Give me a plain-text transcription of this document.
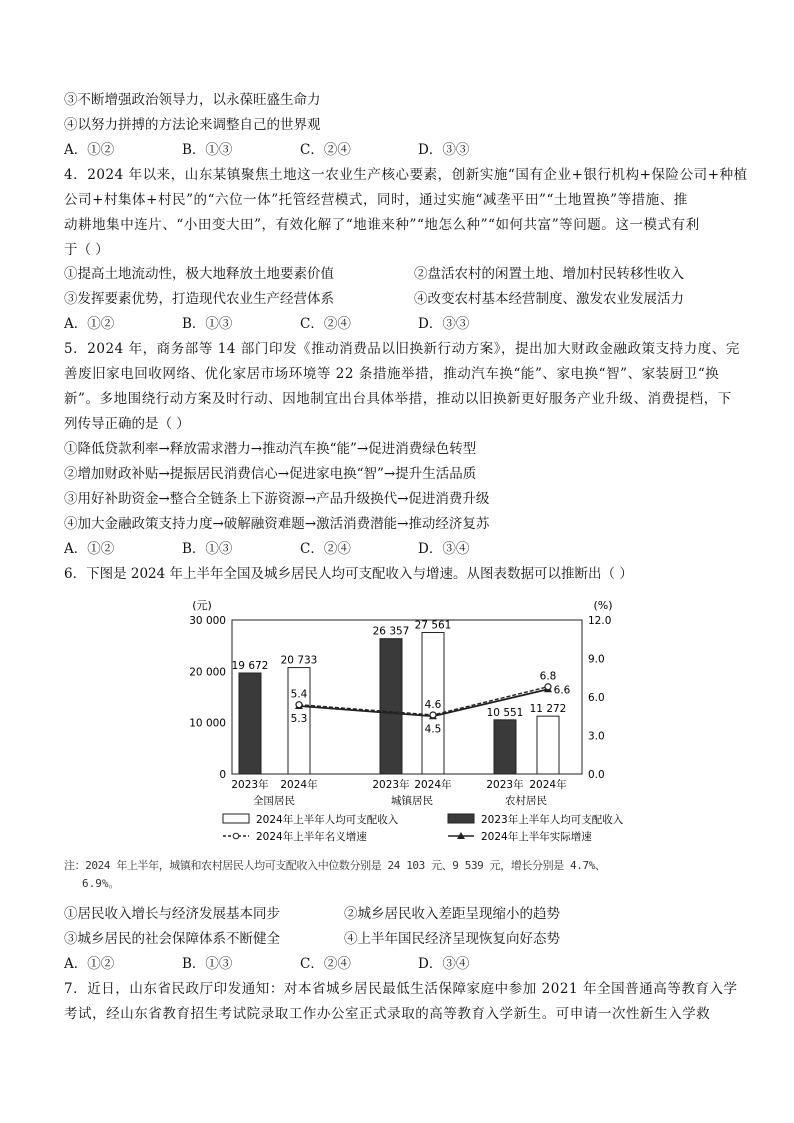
③不断增强政治领导力，以永葆旺盛生命力
④以努力拼搏的方法论来调整自己的世界观
A．①②	B．①③	C．②④	D．③③
4．2024 年以来，山东某镇聚焦土地这一农业生产核心要素，创新实施“国有企业+银行机构+保险公司+种植
公司+村集体+村民”的“六位一体”托管经营模式，同时，通过实施“减垄平田”“土地置换”等措施、推
动耕地集中连片、“小田变大田”，有效化解了“地谁来种”“地怎么种”“如何共富”等问题。这一模式有利
于（ ）
①提高土地流动性，极大地释放土地要素价值	②盘活农村的闲置土地、增加村民转移性收入
③发挥要素优势，打造现代农业生产经营体系	④改变农村基本经营制度、激发农业发展活力
A．①②	B．①③	C．②④	D．③③
5．2024 年，商务部等 14 部门印发《推动消费品以旧换新行动方案》，提出加大财政金融政策支持力度、完
善废旧家电回收网络、优化家居市场环境等 22 条措施举措，推动汽车换“能”、家电换“智”、家装厨卫“换
新”。多地围绕行动方案及时行动、因地制宜出台具体举措，推动以旧换新更好服务产业升级、消费提档，下
列传导正确的是（ ）
①降低贷款利率→释放需求潜力→推动汽车换“能”→促进消费绿色转型
②增加财政补贴→提振居民消费信心→促进家电换“智”→提升生活品质
③用好补助资金→整合全链条上下游资源→产品升级换代→促进消费升级
④加大金融政策支持力度→破解融资难题→激活消费潜能→推动经济复苏
A．①②	B．①③	C．②④	D．③④
6．下图是 2024 年上半年全国及城乡居民人均可支配收入与增速。从图表数据可以推断出（ ）
(元)	(%)
0
10 000
20 000
30 000
0.0
3.0
6.0
9.0
12.0
19 672 20 733
26 357
27 561
10 551 11 272
5.4
5.3
4.6
4.5
6.8
6.6
2023年 2024年
全国居民
2023年 2024年
城镇居民
2023年 2024年
农村居民
2024年上半年人均可支配收入	2023年上半年人均可支配收入
2024年上半年名义增速	2024年上半年实际增速
注：2024 年上半年，城镇和农村居民人均可支配收入中位数分别是 24 103 元、9 539 元，增长分别是 4.7%、
6.9%。
①居民收入增长与经济发展基本同步	②城乡居民收入差距呈现缩小的趋势
③城乡居民的社会保障体系不断健全	④上半年国民经济呈现恢复向好态势
A．①②	B．①③	C．②④	D．③④
7．近日，山东省民政厅印发通知：对本省城乡居民最低生活保障家庭中参加 2021 年全国普通高等教育入学
考试，经山东省教育招生考试院录取工作办公室正式录取的高等教育入学新生。可申请一次性新生入学救
